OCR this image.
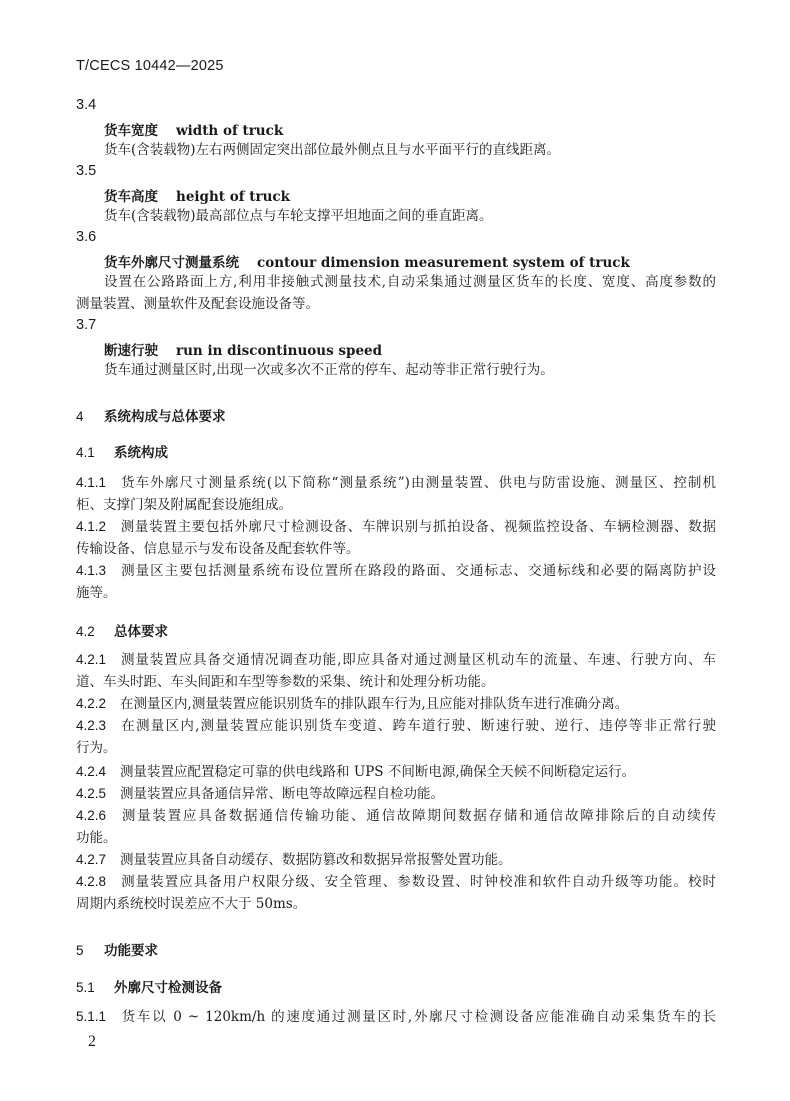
T/CECS 10442—2025
3.4
货车宽度 width of truck
货车(含装载物)左右两侧固定突出部位最外侧点且与水平面平行的直线距离。
3.5
货车高度 height of truck
货车(含装载物)最高部位点与车轮支撑平坦地面之间的垂直距离。
3.6
货车外廓尺寸测量系统 contour dimension measurement system of truck
设置在公路路面上方,利用非接触式测量技术,自动采集通过测量区货车的长度、宽度、高度参数的
测量装置、测量软件及配套设施设备等。
3.7
断速行驶 run in discontinuous speed
货车通过测量区时,出现一次或多次不正常的停车、起动等非正常行驶行为。
4 系统构成与总体要求
4.1 系统构成
4.1.1 货车外廓尺寸测量系统(以下简称“测量系统”)由测量装置、供电与防雷设施、测量区、控制机
柜、支撑门架及附属配套设施组成。
4.1.2 测量装置主要包括外廓尺寸检测设备、车牌识别与抓拍设备、视频监控设备、车辆检测器、数据
传输设备、信息显示与发布设备及配套软件等。
4.1.3 测量区主要包括测量系统布设位置所在路段的路面、交通标志、交通标线和必要的隔离防护设
施等。
4.2 总体要求
4.2.1 测量装置应具备交通情况调查功能,即应具备对通过测量区机动车的流量、车速、行驶方向、车
道、车头时距、车头间距和车型等参数的采集、统计和处理分析功能。
4.2.2 在测量区内,测量装置应能识别货车的排队跟车行为,且应能对排队货车进行准确分离。
4.2.3 在测量区内,测量装置应能识别货车变道、跨车道行驶、断速行驶、逆行、违停等非正常行驶
行为。
4.2.4 测量装置应配置稳定可靠的供电线路和 UPS 不间断电源,确保全天候不间断稳定运行。
4.2.5 测量装置应具备通信异常、断电等故障远程自检功能。
4.2.6 测量装置应具备数据通信传输功能、通信故障期间数据存储和通信故障排除后的自动续传
功能。
4.2.7 测量装置应具备自动缓存、数据防篡改和数据异常报警处置功能。
4.2.8 测量装置应具备用户权限分级、安全管理、参数设置、时钟校准和软件自动升级等功能。校时
周期内系统校时误差应不大于 50ms。
5 功能要求
5.1 外廓尺寸检测设备
5.1.1 货车以 0 ~ 120km/h 的速度通过测量区时,外廓尺寸检测设备应能准确自动采集货车的长
2
